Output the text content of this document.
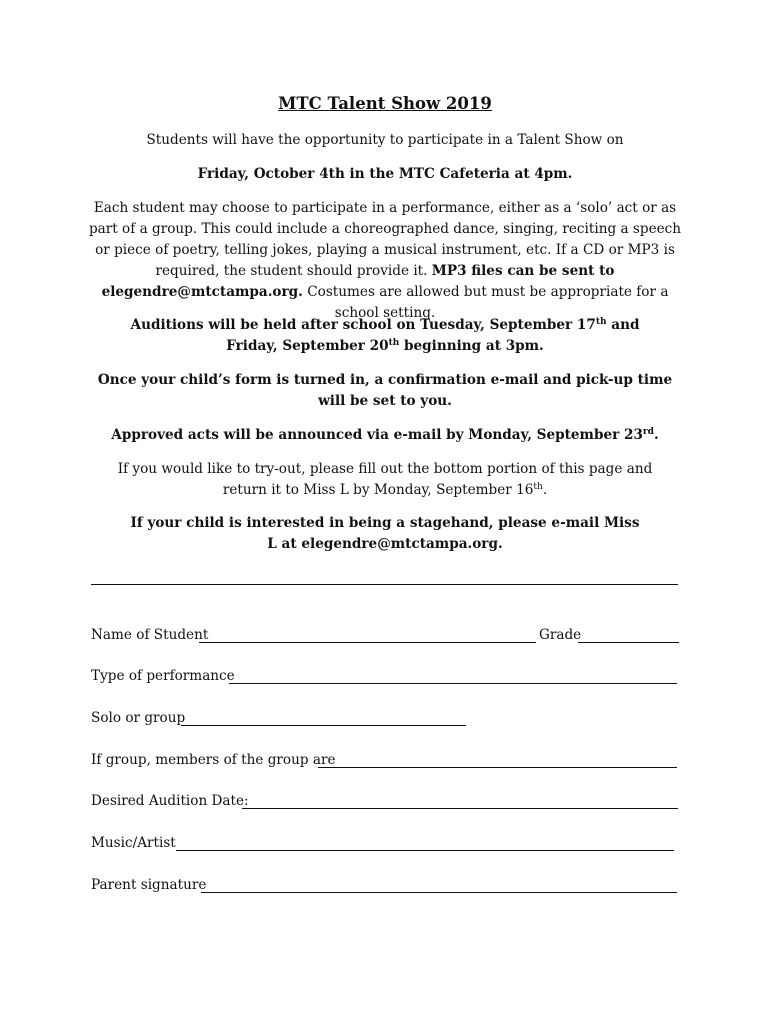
MTC Talent Show 2019
Students will have the opportunity to participate in a Talent Show on
Friday, October 4th in the MTC Cafeteria at 4pm.
Each student may choose to participate in a performance, either as a ‘solo’ act or as part of a group. This could include a choreographed dance, singing, reciting a speech or piece of poetry, telling jokes, playing a musical instrument, etc. If a CD or MP3 is required, the student should provide it. MP3 files can be sent to elegendre@mtctampa.org. Costumes are allowed but must be appropriate for a school setting.
Auditions will be held after school on Tuesday, September 17th and Friday, September 20th beginning at 3pm.
Once your child’s form is turned in, a confirmation e-mail and pick-up time will be set to you.
Approved acts will be announced via e-mail by Monday, September 23rd.
If you would like to try-out, please fill out the bottom portion of this page and return it to Miss L by Monday, September 16th.
If your child is interested in being a stagehand, please e-mail Miss L at elegendre@mtctampa.org.
Name of Student	Grade
Type of performance
Solo or group
If group, members of the group are
Desired Audition Date:
Music/Artist
Parent signature
